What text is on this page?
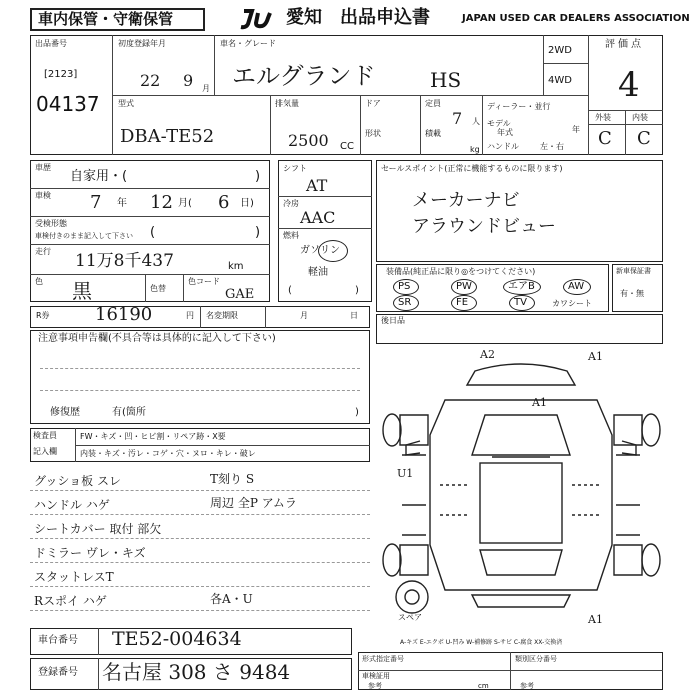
車内保管・守衛保管	愛知 出品申込書	JAPAN USED CAR DEALERS ASSOCIATION
出品番号
[2123]
04137
初度登録年月
22 9 月
車名・グレード
エルグランド	HS
2WD
4WD
評価点
4
型式
DBA-TE52
排気量
2500 CC
ドア
形状
定員
7 人
積載
kg
ディーラー・並行
モデル
年式	年
ハンドル	左・右
外装	内装
C C
車歴
自家用・(	)
車検 7 年 12 月( 6 日)
受検形態
車検付きのまま記入して下さい (	)
走行 11万8千437	km
色 黒	色替
色コード
GAE
シフト
AT
冷房
AAC
燃料
ガソリン
軽油
(	)
セールスポイント(正常に機能するものに限ります)
メーカーナビ
アラウンドビュー
装備品(純正品に限り◎をつけてください)
PS	PW	エアB	AW
SR	FE	TV	カワシート
新車保証書
有・無
後日品
R券	16190	円 名変期限	月	日
注意事項申告欄(不具合等は具体的に記入して下さい)
修復歴	有(箇所	)
検査員
記入欄
FW・キズ・凹・ヒビ割・リペア跡・X要
内装・キズ・汚レ・コゲ・穴・ヌロ・キレ・破レ
グッショ板 スレ	T刻り S
ハンドル ハゲ	周辺 全P アムラ
シートカバー 取付 部欠
ドミラー ヴレ・キズ
スタットレスT
Rスポイ ハゲ	各A・U
A2	A1
A1
U1
A1
スペア
A-キズ E-エクボ U-凹み W-補修跡 S-サビ C-腐食 XX-交換済
車台番号 TE52-004634
登録番号 名古屋 308 さ 9484
形式指定番号
車検証用
類別区分番号
参考	cm	参考
